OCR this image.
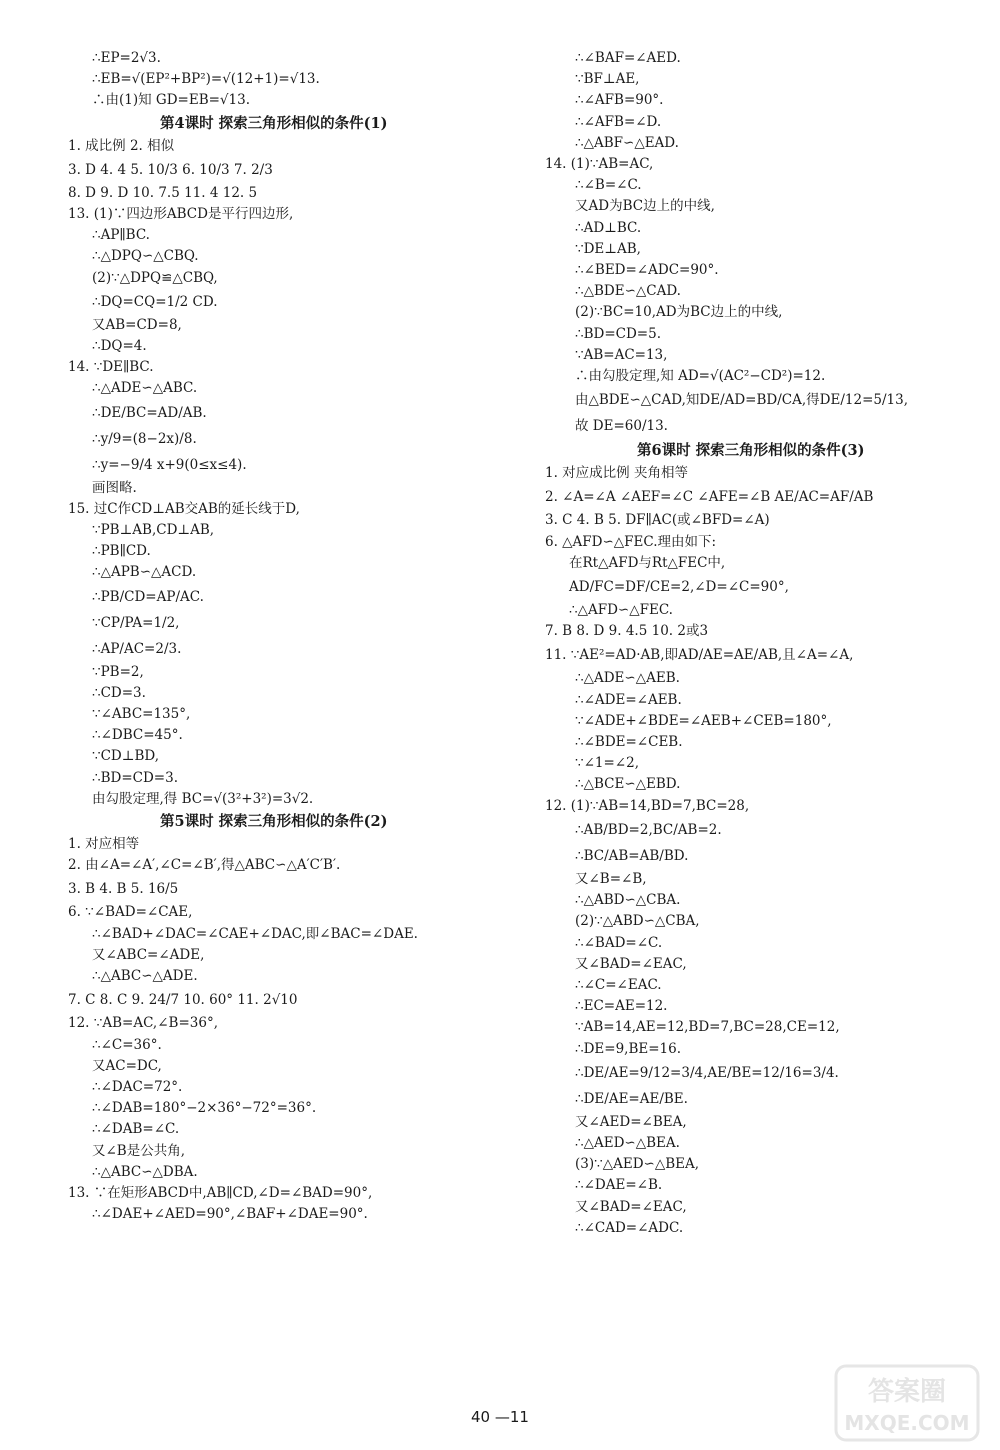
∴EP=2√3.
∴EB=√(EP²+BP²)=√(12+1)=√13.
∴由(1)知 GD=EB=√13.
第4课时 探索三角形相似的条件(1)
1. 成比例 2. 相似
3. D 4. 4 5. 10/3 6. 10/3 7. 2/3
8. D 9. D 10. 7.5 11. 4 12. 5
13. (1)∵四边形ABCD是平行四边形,
∴AP∥BC.
∴△DPQ∽△CBQ.
(2)∵△DPQ≌△CBQ,
∴DQ=CQ=1/2 CD.
又AB=CD=8,
∴DQ=4.
14. ∵DE∥BC.
∴△ADE∽△ABC.
∴DE/BC=AD/AB.
∴y/9=(8−2x)/8.
∴y=−9/4 x+9(0≤x≤4).
画图略.
15. 过C作CD⊥AB交AB的延长线于D,
∵PB⊥AB,CD⊥AB,
∴PB∥CD.
∴△APB∽△ACD.
∴PB/CD=AP/AC.
∵CP/PA=1/2,
∴AP/AC=2/3.
∵PB=2,
∴CD=3.
∵∠ABC=135°,
∴∠DBC=45°.
∵CD⊥BD,
∴BD=CD=3.
由勾股定理,得 BC=√(3²+3²)=3√2.
第5课时 探索三角形相似的条件(2)
1. 对应相等
2. 由∠A=∠A′,∠C=∠B′,得△ABC∽△A′C′B′.
3. B 4. B 5. 16/5
6. ∵∠BAD=∠CAE,
∴∠BAD+∠DAC=∠CAE+∠DAC,即∠BAC=∠DAE.
又∠ABC=∠ADE,
∴△ABC∽△ADE.
7. C 8. C 9. 24/7 10. 60° 11. 2√10
12. ∵AB=AC,∠B=36°,
∴∠C=36°.
又AC=DC,
∴∠DAC=72°.
∴∠DAB=180°−2×36°−72°=36°.
∴∠DAB=∠C.
又∠B是公共角,
∴△ABC∽△DBA.
13. ∵在矩形ABCD中,AB∥CD,∠D=∠BAD=90°,
∴∠DAE+∠AED=90°,∠BAF+∠DAE=90°.
∴∠BAF=∠AED.
∵BF⊥AE,
∴∠AFB=90°.
∴∠AFB=∠D.
∴△ABF∽△EAD.
14. (1)∵AB=AC,
∴∠B=∠C.
又AD为BC边上的中线,
∴AD⊥BC.
∵DE⊥AB,
∴∠BED=∠ADC=90°.
∴△BDE∽△CAD.
(2)∵BC=10,AD为BC边上的中线,
∴BD=CD=5.
∵AB=AC=13,
∴由勾股定理,知 AD=√(AC²−CD²)=12.
由△BDE∽△CAD,知DE/AD=BD/CA,得DE/12=5/13,
故 DE=60/13.
第6课时 探索三角形相似的条件(3)
1. 对应成比例 夹角相等
2. ∠A=∠A ∠AEF=∠C ∠AFE=∠B AE/AC=AF/AB
3. C 4. B 5. DF∥AC(或∠BFD=∠A)
6. △AFD∽△FEC.理由如下:
在Rt△AFD与Rt△FEC中,
AD/FC=DF/CE=2,∠D=∠C=90°,
∴△AFD∽△FEC.
7. B 8. D 9. 4.5 10. 2或3
11. ∵AE²=AD·AB,即AD/AE=AE/AB,且∠A=∠A,
∴△ADE∽△AEB.
∴∠ADE=∠AEB.
∵∠ADE+∠BDE=∠AEB+∠CEB=180°,
∴∠BDE=∠CEB.
∵∠1=∠2,
∴△BCE∽△EBD.
12. (1)∵AB=14,BD=7,BC=28,
∴AB/BD=2,BC/AB=2.
∴BC/AB=AB/BD.
又∠B=∠B,
∴△ABD∽△CBA.
(2)∵△ABD∽△CBA,
∴∠BAD=∠C.
又∠BAD=∠EAC,
∴∠C=∠EAC.
∴EC=AE=12.
∵AB=14,AE=12,BD=7,BC=28,CE=12,
∴DE=9,BE=16.
∴DE/AE=9/12=3/4,AE/BE=12/16=3/4.
∴DE/AE=AE/BE.
又∠AED=∠BEA,
∴△AED∽△BEA.
(3)∵△AED∽△BEA,
∴∠DAE=∠B.
又∠BAD=∠EAC,
∴∠CAD=∠ADC.
40 —11
答案圈
MXQE.COM
